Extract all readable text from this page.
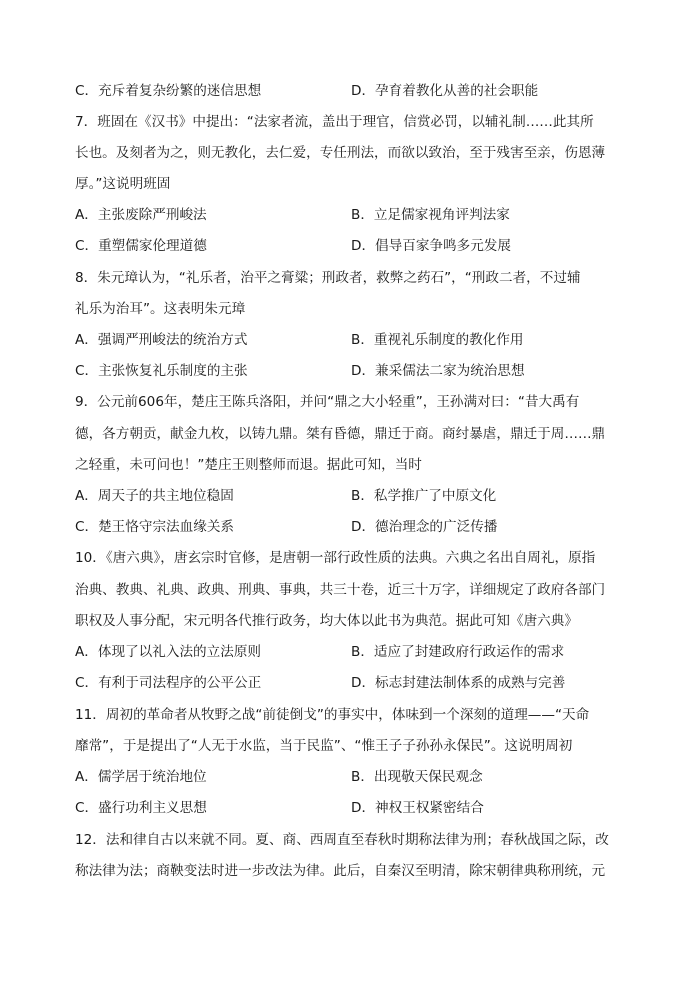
C．充斥着复杂纷繁的迷信思想	D．孕育着教化从善的社会职能
7．班固在《汉书》中提出：“法家者流，盖出于理官，信赏必罚，以辅礼制……此其所
长也。及刻者为之，则无教化，去仁爱，专任刑法，而欲以致治，至于残害至亲，伤恩薄
厚。”这说明班固
A．主张废除严刑峻法	B．立足儒家视角评判法家
C．重塑儒家伦理道德	D．倡导百家争鸣多元发展
8．朱元璋认为，“礼乐者，治平之膏粱；刑政者，救弊之药石”，“刑政二者，不过辅
礼乐为治耳”。这表明朱元璋
A．强调严刑峻法的统治方式	B．重视礼乐制度的教化作用
C．主张恢复礼乐制度的主张	D．兼采儒法二家为统治思想
9．公元前606年，楚庄王陈兵洛阳，并问“鼎之大小轻重”，王孙满对曰：“昔大禹有
德，各方朝贡，献金九枚，以铸九鼎。桀有昏德，鼎迁于商。商纣暴虐，鼎迁于周……鼎
之轻重，未可问也！”楚庄王则整师而退。据此可知，当时
A．周天子的共主地位稳固	B．私学推广了中原文化
C．楚王恪守宗法血缘关系	D．德治理念的广泛传播
10．《唐六典》，唐玄宗时官修，是唐朝一部行政性质的法典。六典之名出自周礼，原指
治典、教典、礼典、政典、刑典、事典，共三十卷，近三十万字，详细规定了政府各部门
职权及人事分配，宋元明各代推行政务，均大体以此书为典范。据此可知《唐六典》
A．体现了以礼入法的立法原则	B．适应了封建政府行政运作的需求
C．有利于司法程序的公平公正	D．标志封建法制体系的成熟与完善
11．周初的革命者从牧野之战“前徒倒戈”的事实中，体味到一个深刻的道理——“天命
靡常”，于是提出了“人无于水监，当于民监”、“惟王子子孙孙永保民”。这说明周初
A．儒学居于统治地位	B．出现敬天保民观念
C．盛行功利主义思想	D．神权王权紧密结合
12．法和律自古以来就不同。夏、商、西周直至春秋时期称法律为刑；春秋战国之际，改
称法律为法；商鞅变法时进一步改法为律。此后，自秦汉至明清，除宋朝律典称刑统，元
